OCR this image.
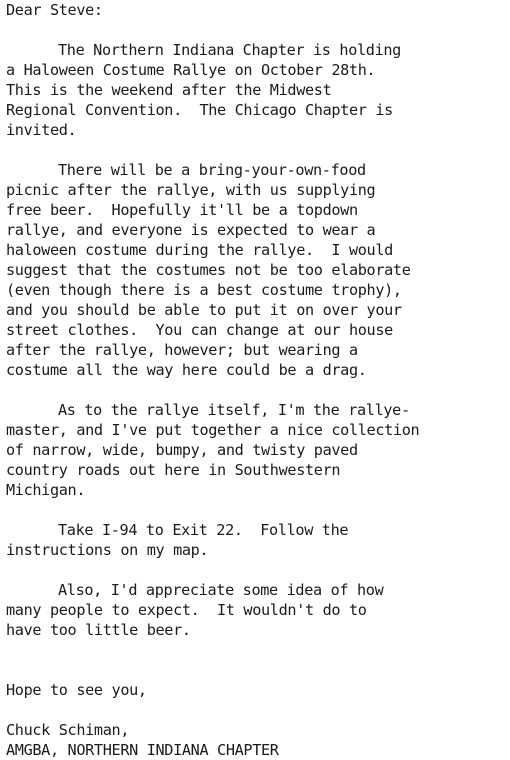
Dear Steve:
The Northern Indiana Chapter is holding
a Haloween Costume Rallye on October 28th.
This is the weekend after the Midwest
Regional Convention.  The Chicago Chapter is
invited.
There will be a bring-your-own-food
picnic after the rallye, with us supplying
free beer.  Hopefully it'll be a topdown
rallye, and everyone is expected to wear a
haloween costume during the rallye.  I would
suggest that the costumes not be too elaborate
(even though there is a best costume trophy),
and you should be able to put it on over your
street clothes.  You can change at our house
after the rallye, however; but wearing a
costume all the way here could be a drag.
As to the rallye itself, I'm the rallye-
master, and I've put together a nice collection
of narrow, wide, bumpy, and twisty paved
country roads out here in Southwestern
Michigan.
Take I-94 to Exit 22.  Follow the
instructions on my map.
Also, I'd appreciate some idea of how
many people to expect.  It wouldn't do to
have too little beer.
Hope to see you,
Chuck Schiman,
AMGBA, NORTHERN INDIANA CHAPTER
